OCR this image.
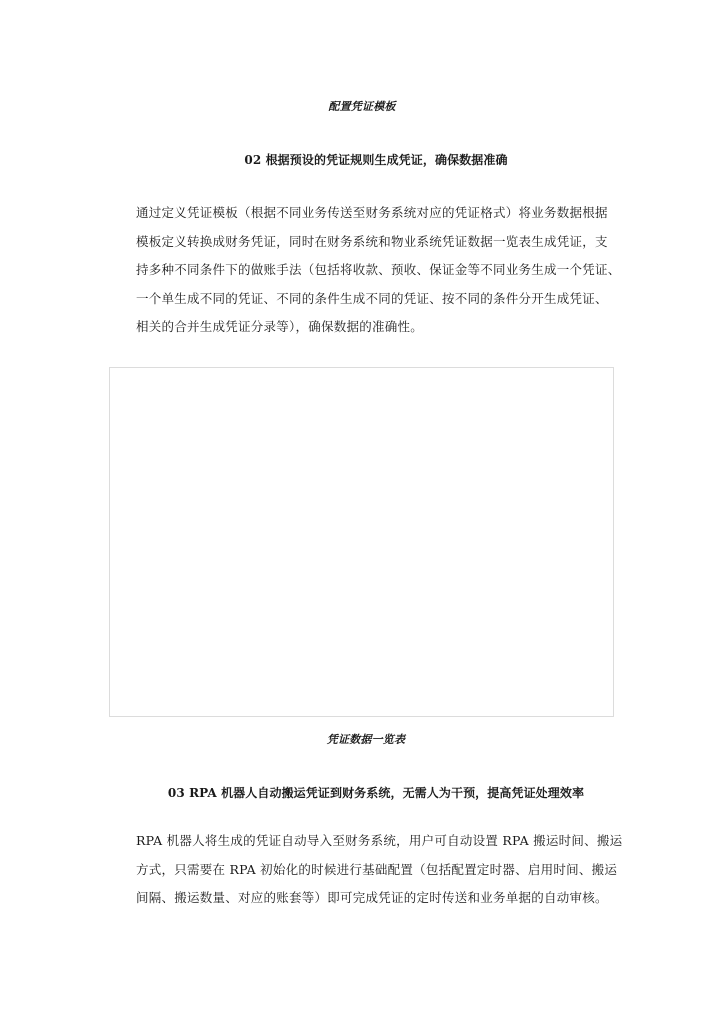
配置凭证模板
02 根据预设的凭证规则生成凭证，确保数据准确
通过定义凭证模板（根据不同业务传送至财务系统对应的凭证格式）将业务数据根据
模板定义转换成财务凭证，同时在财务系统和物业系统凭证数据一览表生成凭证，支
持多种不同条件下的做账手法（包括将收款、预收、保证金等不同业务生成一个凭证、
一个单生成不同的凭证、不同的条件生成不同的凭证、按不同的条件分开生成凭证、
相关的合并生成凭证分录等），确保数据的准确性。
凭证数据一览表
03 RPA 机器人自动搬运凭证到财务系统，无需人为干预，提高凭证处理效率
RPA 机器人将生成的凭证自动导入至财务系统，用户可自动设置 RPA 搬运时间、搬运
方式，只需要在 RPA 初始化的时候进行基础配置（包括配置定时器、启用时间、搬运
间隔、搬运数量、对应的账套等）即可完成凭证的定时传送和业务单据的自动审核。
